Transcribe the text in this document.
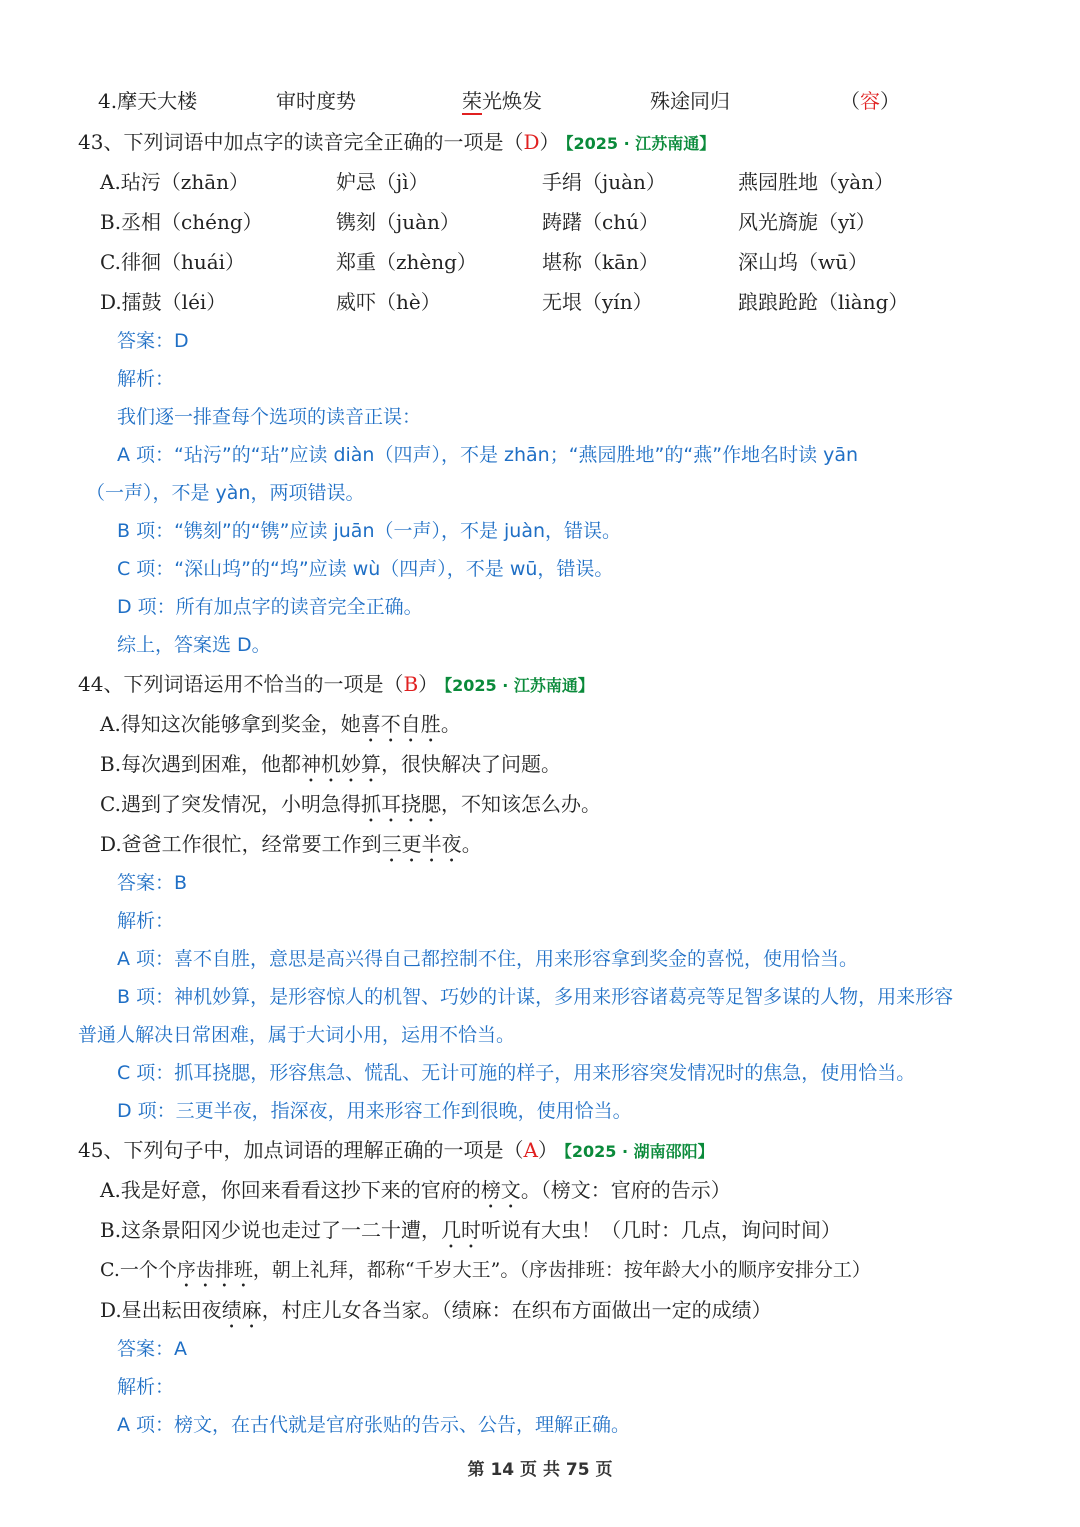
4.摩天大楼	审时度势	荣光焕发	殊途同归	（容）
43、下列词语中加点字的读音完全正确的一项是（D） 【2025 · 江苏南通】
A.玷污（zhān）	妒忌（jì）	手绢（juàn）	燕园胜地（yàn）
B.丞相（chéng）	镌刻（juàn）	踌躇（chú）	风光旖旎（yǐ）
C.徘徊（huái）	郑重（zhèng）	堪称（kān）	深山坞（wū）
D.擂鼓（léi）	威吓（hè）	无垠（yín）	踉踉跄跄（liàng）
答案：D
解析：
我们逐一排查每个选项的读音正误：
A 项：“玷污”的“玷”应读 diàn（四声），不是 zhān；“燕园胜地”的“燕”作地名时读 yān
（一声），不是 yàn，两项错误。
B 项：“镌刻”的“镌”应读 juān（一声），不是 juàn，错误。
C 项：“深山坞”的“坞”应读 wù（四声），不是 wū，错误。
D 项：所有加点字的读音完全正确。
综上，答案选 D。
44、下列词语运用不恰当的一项是（B） 【2025 · 江苏南通】
A.得知这次能够拿到奖金，她喜不自胜。
B.每次遇到困难，他都神机妙算，很快解决了问题。
C.遇到了突发情况，小明急得抓耳挠腮，不知该怎么办。
D.爸爸工作很忙，经常要工作到三更半夜。
答案：B
解析：
A 项：喜不自胜，意思是高兴得自己都控制不住，用来形容拿到奖金的喜悦，使用恰当。
B 项：神机妙算，是形容惊人的机智、巧妙的计谋，多用来形容诸葛亮等足智多谋的人物，用来形容
普通人解决日常困难，属于大词小用，运用不恰当。
C 项：抓耳挠腮，形容焦急、慌乱、无计可施的样子，用来形容突发情况时的焦急，使用恰当。
D 项：三更半夜，指深夜，用来形容工作到很晚，使用恰当。
45、下列句子中，加点词语的理解正确的一项是（A） 【2025 · 湖南邵阳】
A.我是好意，你回来看看这抄下来的官府的榜文。（榜文：官府的告示）
B.这条景阳冈少说也走过了一二十遭，几时听说有大虫！（几时：几点，询问时间）
C.一个个序齿排班，朝上礼拜，都称“千岁大王”。（序齿排班：按年龄大小的顺序安排分工）
D.昼出耘田夜绩麻，村庄儿女各当家。（绩麻：在织布方面做出一定的成绩）
答案：A
解析：
A 项：榜文，在古代就是官府张贴的告示、公告，理解正确。
第 14 页 共 75 页
